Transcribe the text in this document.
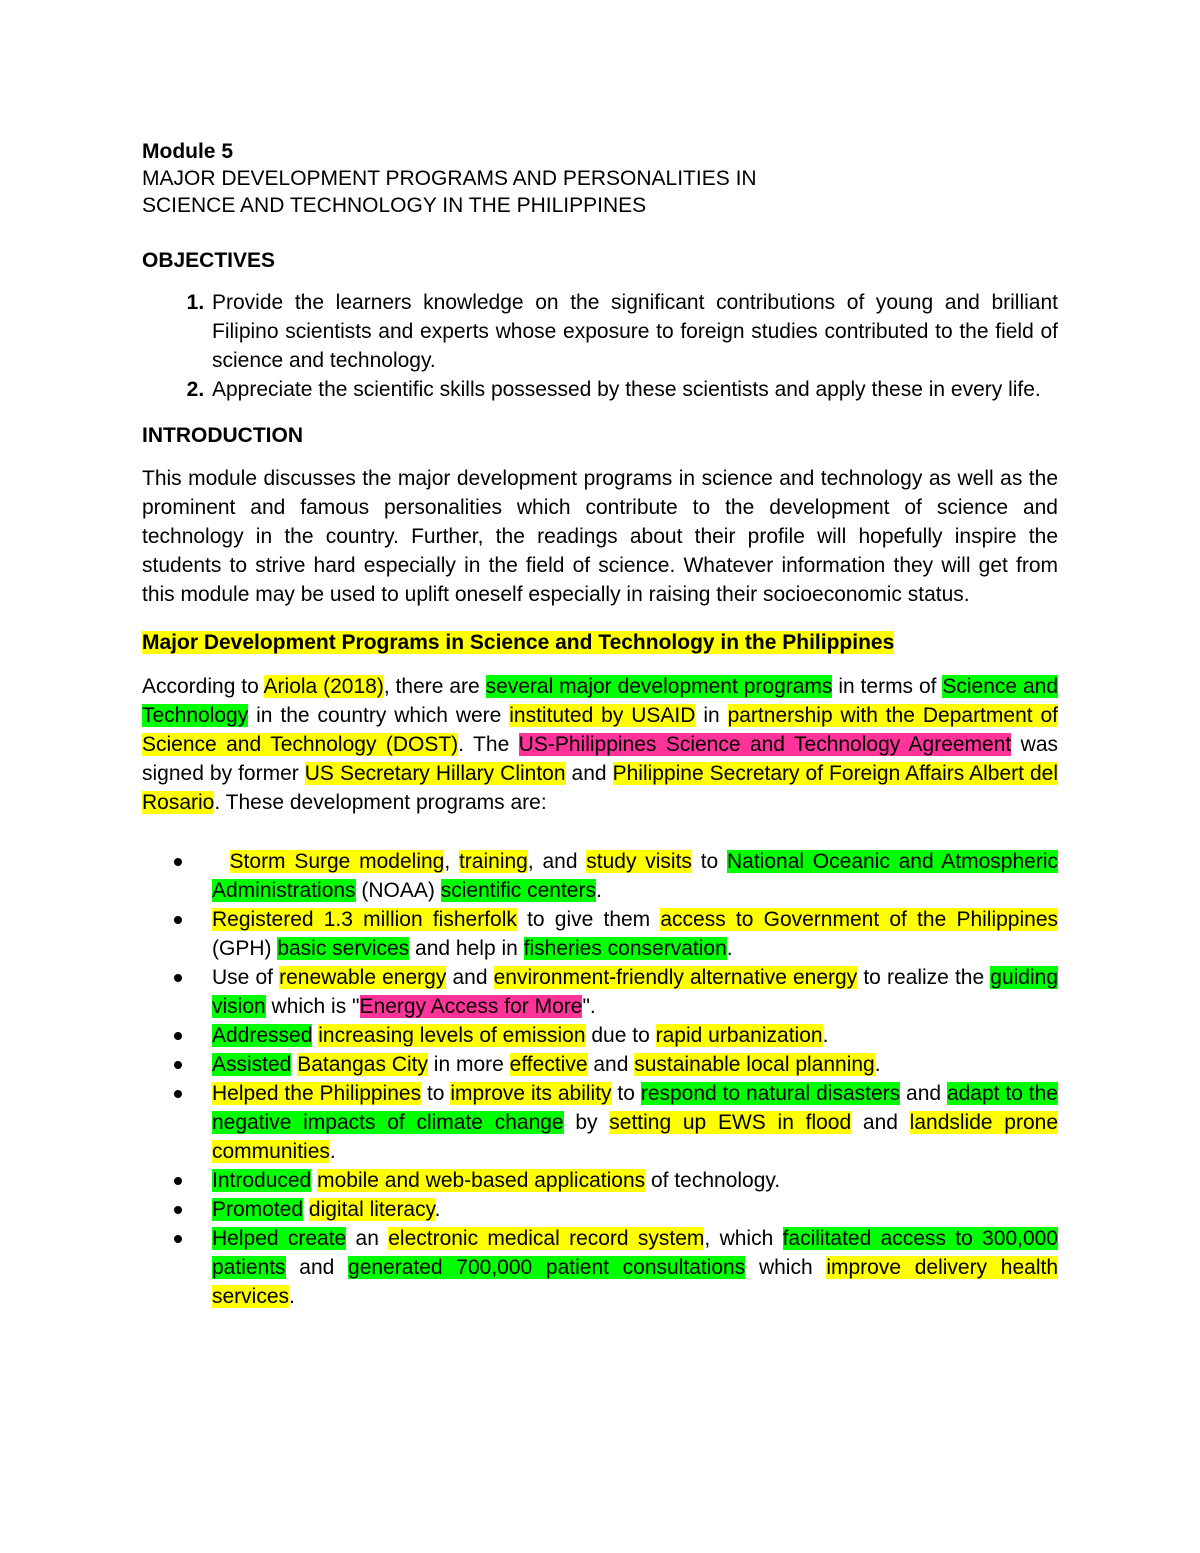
Module 5
MAJOR DEVELOPMENT PROGRAMS AND PERSONALITIES IN
SCIENCE AND TECHNOLOGY IN THE PHILIPPINES
OBJECTIVES
1. Provide the learners knowledge on the significant contributions of young and brilliant Filipino scientists and experts whose exposure to foreign studies contributed to the field of science and technology.
2. Appreciate the scientific skills possessed by these scientists and apply these in every life.
INTRODUCTION

This module discusses the major development programs in science and technology as well as the prominent and famous personalities which contribute to the development of science and technology in the country. Further, the readings about their profile will hopefully inspire the students to strive hard especially in the field of science. Whatever information they will get from this module may be used to uplift oneself especially in raising their socioeconomic status.

Major Development Programs in Science and Technology in the Philippines

According to Ariola (2018), there are several major development programs in terms of Science and Technology in the country which were instituted by USAID in partnership with the Department of Science and Technology (DOST). The US-Philippines Science and Technology Agreement was signed by former US Secretary Hillary Clinton and Philippine Secretary of Foreign Affairs Albert del Rosario. These development programs are:

Storm Surge modeling, training, and study visits to National Oceanic and Atmospheric Administrations (NOAA) scientific centers.
Registered 1.3 million fisherfolk to give them access to Government of the Philippines (GPH) basic services and help in fisheries conservation.
Use of renewable energy and environment-friendly alternative energy to realize the guiding vision which is "Energy Access for More".
Addressed increasing levels of emission due to rapid urbanization.
Assisted Batangas City in more effective and sustainable local planning.
Helped the Philippines to improve its ability to respond to natural disasters and adapt to the negative impacts of climate change by setting up EWS in flood and landslide prone communities.
Introduced mobile and web-based applications of technology.
Promoted digital literacy.
Helped create an electronic medical record system, which facilitated access to 300,000 patients and generated 700,000 patient consultations which improve delivery health services.
